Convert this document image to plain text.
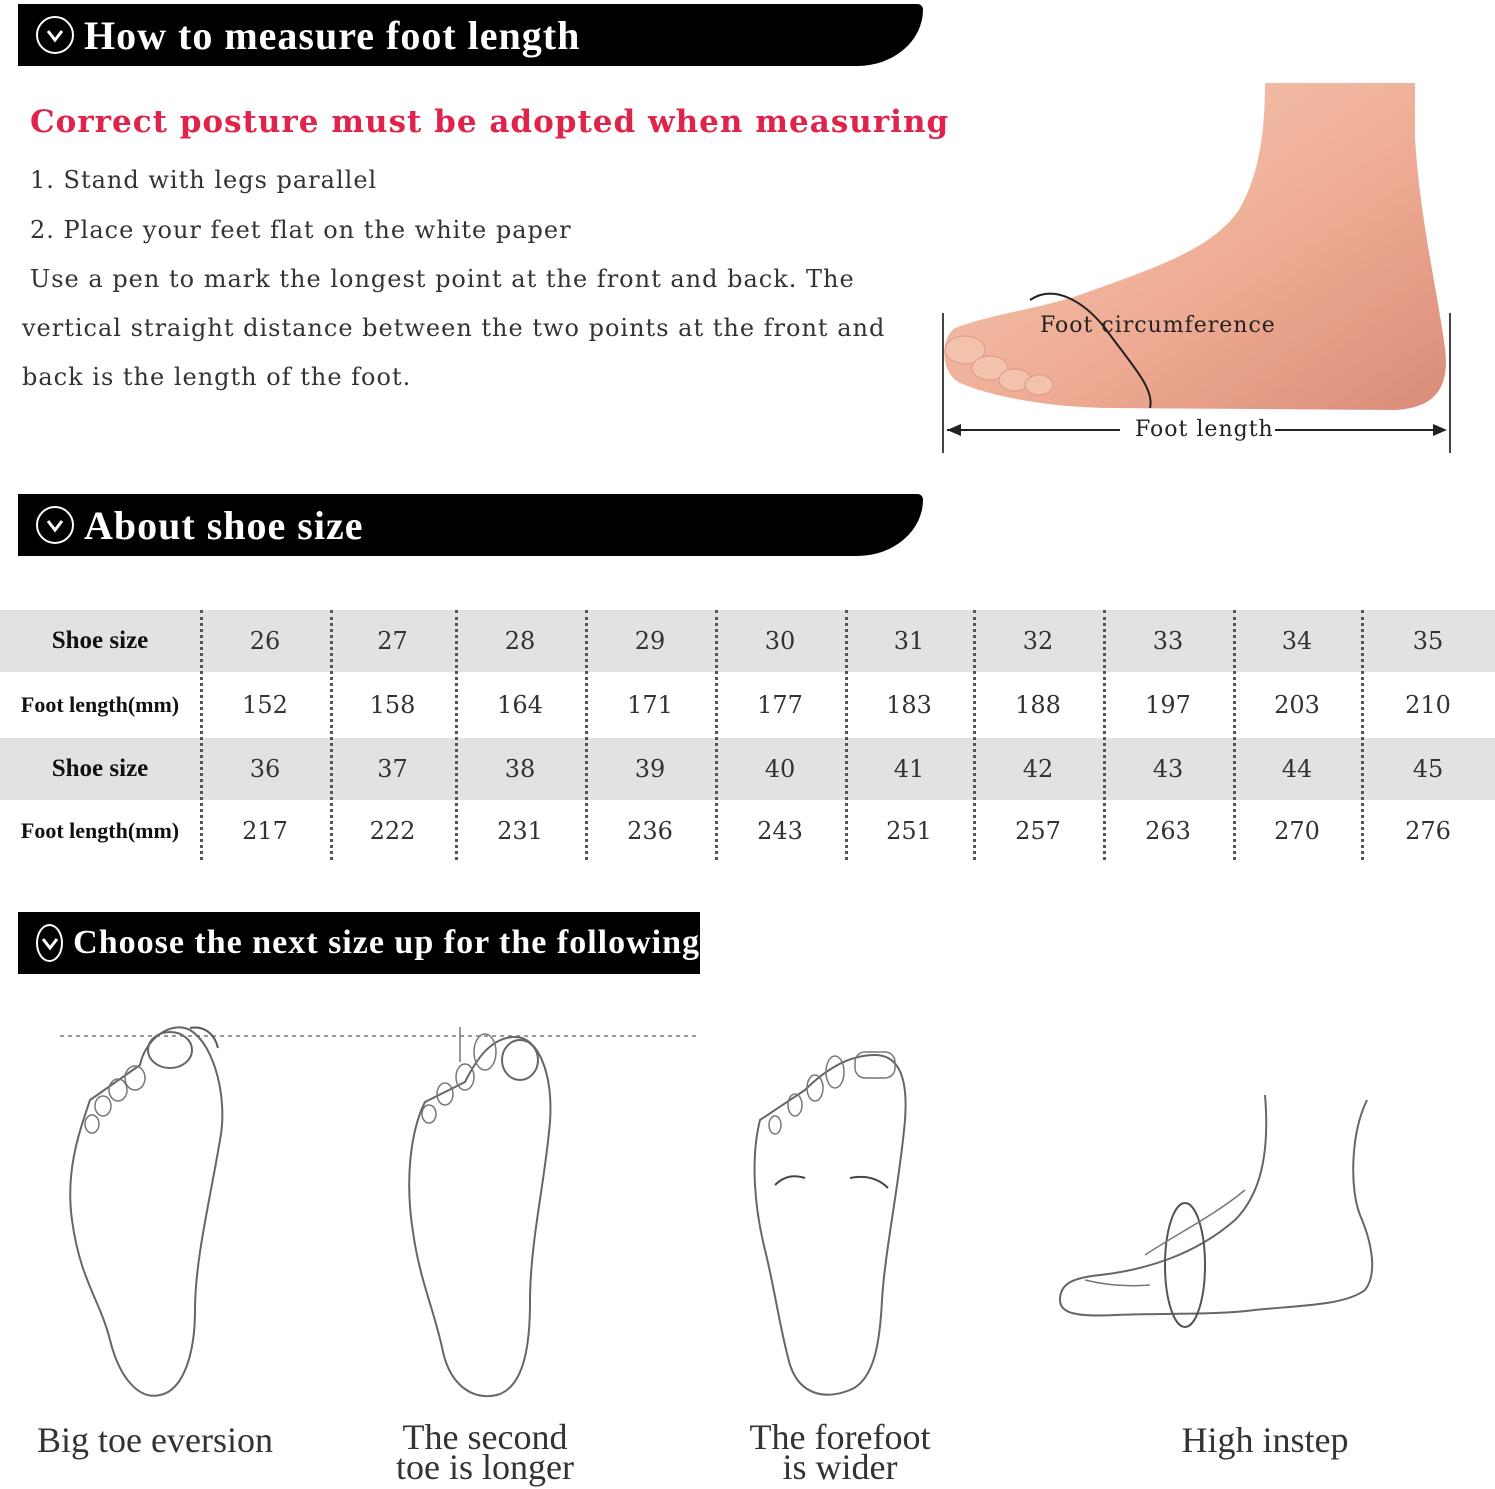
How to measure foot length
Correct posture must be adopted when measuring
1. Stand with legs parallel
2. Place your feet flat on the white paper
Use a pen to mark the longest point at the front and back. The
vertical straight distance between the two points at the front and
back is the length of the foot.
Foot circumference
Foot length
About shoe size
Shoe size	26	27	28	29	30	31	32	33	34	35
Foot length(mm)	152	158	164	171	177	183	188	197	203	210
Shoe size	36	37	38	39	40	41	42	43	44	45
Foot length(mm)	217	222	231	236	243	251	257	263	270	276
Choose the next size up for the following
Big toe eversion	The second
toe is longer
The forefoot
is wider
High instep
